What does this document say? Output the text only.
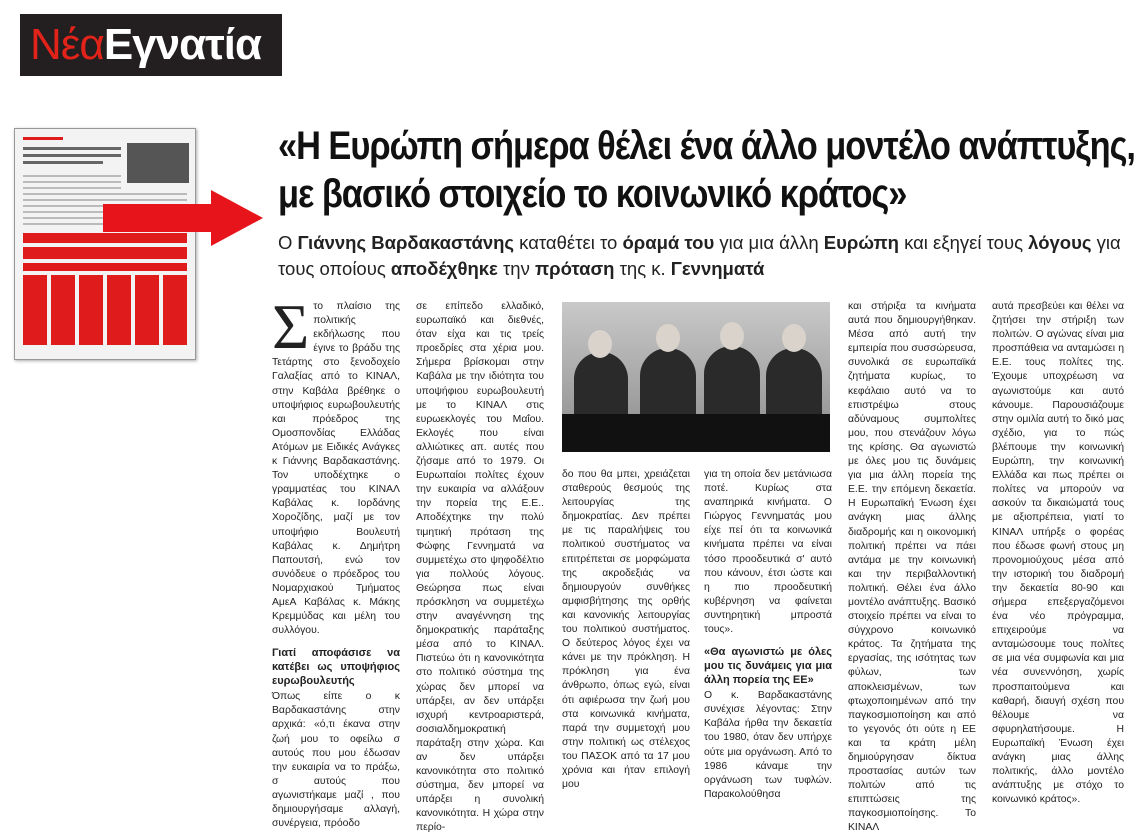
Νέα Εγνατία
«Η Ευρώπη σήμερα θέλει ένα άλλο μοντέλο ανάπτυξης,
με βασικό στοιχείο το κοινωνικό κράτος»
Ο Γιάννης Βαρδακαστάνης καταθέτει το όραμά του για μια άλλη Ευρώπη και εξηγεί τους λόγους για τους οποίους αποδέχθηκε την πρόταση της κ. Γεννηματά
Σ το πλαίσιο της πολιτικής εκδήλωσης που έγινε το βράδυ της Τετάρτης στο ξενοδοχείο Γαλαξίας από το ΚΙΝΑΛ, στην Καβάλα βρέθηκε ο υποψήφιος ευρωβουλευτής και πρόεδρος της Ομοσπονδίας Ελλάδας Ατόμων με Ειδικές Ανάγκες κ Γιάννης Βαρδακαστάνης. Τον υποδέχτηκε ο γραμματέας του ΚΙΝΑΛ Καβάλας κ. Ιορδάνης Χοροζίδης, μαζί με τον υποψήφιο Βουλευτή Καβάλας κ. Δημήτρη Παπουτσή, ενώ τον συνόδευε ο πρόεδρος του Νομαρχιακού Τμήματος ΑμεΑ Καβάλας κ. Μάκης Κρεμμύδας και μέλη του συλλόγου.

Γιατί αποφάσισε να κατέβει ως υποψήφιος ευρωβουλευτής

Όπως είπε ο κ Βαρδακαστάνης στην αρχικά: «ό,τι έκανα στην ζωή μου το οφείλω σ αυτούς που μου έδωσαν την ευκαιρία να το πράξω, σ αυτούς που αγωνιστήκαμε μαζί , που δημιουργήσαμε αλλαγή, συνέργεια, πρόοδο

σε επίπεδο ελλαδικό, ευρωπαϊκό και διεθνές, όταν είχα και τις τρείς προεδρίες στα χέρια μου. Σήμερα βρίσκομαι στην Καβάλα με την ιδιότητα του υποψήφιου ευρωβουλευτή με το ΚΙΝΑΛ στις ευρωεκλογές του Μαΐου. Εκλογές που είναι αλλιώτικες απ. αυτές που ζήσαμε από το 1979. Οι Ευρωπαίοι πολίτες έχουν την ευκαιρία να αλλάξουν την πορεία της Ε.Ε.. Αποδέχτηκε την πολύ τιμητική πρόταση της Φώφης Γεννηματά να συμμετέχω στο ψηφοδέλτιο για πολλούς λόγους. Θεώρησα πως είναι πρόσκληση να συμμετέχω στην αναγέννηση της δημοκρατικής παράταξης μέσα από το ΚΙΝΑΛ. Πιστεύω ότι η κανονικότητα στο πολιτικό σύστημα της χώρας δεν μπορεί να υπάρξει, αν δεν υπάρξει ισχυρή κεντροαριστερά, σοσιαλδημοκρατική παράταξη στην χώρα. Και αν δεν υπάρξει κανονικότητα στο πολιτικό σύστημα, δεν μπορεί να υπάρξει η συνολική κανονικότητα. Η χώρα στην περίο-

δο που θα μπει, χρειάζεται σταθερούς θεσμούς της λειτουργίας της δημοκρατίας. Δεν πρέπει με τις παραλήψεις του πολιτικού συστήματος να επιτρέπεται σε μορφώματα της ακροδεξιάς να δημιουργούν συνθήκες αμφισβήτησης της ορθής και κανονικής λειτουργίας του πολιτικού συστήματος. Ο δεύτερος λόγος έχει να κάνει με την πρόκληση. Η πρόκληση για ένα άνθρωπο, όπως εγώ, είναι ότι αφιέρωσα την ζωή μου στα κοινωνικά κινήματα, παρά την συμμετοχή μου στην πολιτική ως στέλεχος του ΠΑΣΟΚ από τα 17 μου χρόνια και ήταν επιλογή μου

για τη οποία δεν μετάνιωσα ποτέ. Κυρίως στα αναπηρικά κινήματα. Ο Γιώργος Γεννηματάς μου είχε πεί ότι τα κοινωνικά κινήματα πρέπει να είναι τόσο προοδευτικά σ' αυτό που κάνουν, έτσι ώστε και η πιο προοδευτική κυβέρνηση να φαίνεται συντηρητική μπροστά τους».

«Θα αγωνιστώ με όλες μου τις δυνάμεις για μια άλλη πορεία της ΕΕ»

Ο κ. Βαρδακαστάνης συνέχισε λέγοντας: Στην Καβάλα ήρθα την δεκαετία του 1980, όταν δεν υπήρχε ούτε μια οργάνωση. Από το 1986 κάναμε την οργάνωση των τυφλών. Παρακολούθησα

και στήριξα τα κινήματα αυτά που δημιουργήθηκαν. Μέσα από αυτή την εμπειρία που συσσώρευσα, συνολικά σε ευρωπαϊκά ζητήματα κυρίως, το κεφάλαιο αυτό να το επιστρέψω στους αδύναμους συμπολίτες μου, που στενάζουν λόγω της κρίσης. Θα αγωνιστώ με όλες μου τις δυνάμεις για μια άλλη πορεία της Ε.Ε. την επόμενη δεκαετία. Η Ευρωπαϊκή Ένωση έχει ανάγκη μιας άλλης διαδρομής και η οικονομική πολιτική πρέπει να πάει αντάμα με την κοινωνική και την περιβαλλοντική πολιτική. Θέλει ένα άλλο μοντέλο ανάπτυξης. Βασικό στοιχείο πρέπει να είναι το σύγχρονο κοινωνικό κράτος. Τα ζητήματα της εργασίας, της ισότητας των φύλων, των αποκλεισμένων, των φτωχοποιημένων από την παγκοσμιοποίηση και από το γεγονός ότι ούτε η ΕΕ και τα κράτη μέλη δημιούργησαν δίκτυα προστασίας αυτών των πολιτών από τις επιπτώσεις της παγκοσμιοποίησης. Το ΚΙΝΑΛ

αυτά πρεσβεύει και θέλει να ζητήσει την στήριξη των πολιτών. Ο αγώνας είναι μια προσπάθεια να ανταμώσει η Ε.Ε. τους πολίτες της. Έχουμε υποχρέωση να αγωνιστούμε και αυτό κάνουμε. Παρουσιάζουμε στην ομιλία αυτή το δικό μας σχέδιο, για το πώς βλέπουμε την κοινωνική Ευρώπη, την κοινωνική Ελλάδα και πως πρέπει οι πολίτες να μπορούν να ασκούν τα δικαιώματά τους με αξιοπρέπεια, γιατί το ΚΙΝΑΛ υπήρξε ο φορέας που έδωσε φωνή στους μη προνομιούχους μέσα από την ιστορική του διαδρομή την δεκαετία 80-90 και σήμερα επεξεργαζόμενοι ένα νέο πρόγραμμα, επιχειρούμε να ανταμώσουμε τους πολίτες σε μια νέα συμφωνία και μια νέα συνεννόηση, χωρίς προσπαιτούμενα και καθαρή, διαυγή σχέση που θέλουμε να σφυρηλατήσουμε. Η Ευρωπαϊκή Ένωση έχει ανάγκη μιας άλλης πολιτικής, άλλο μοντέλο ανάπτυξης με στόχο το κοινωνικό κράτος».
